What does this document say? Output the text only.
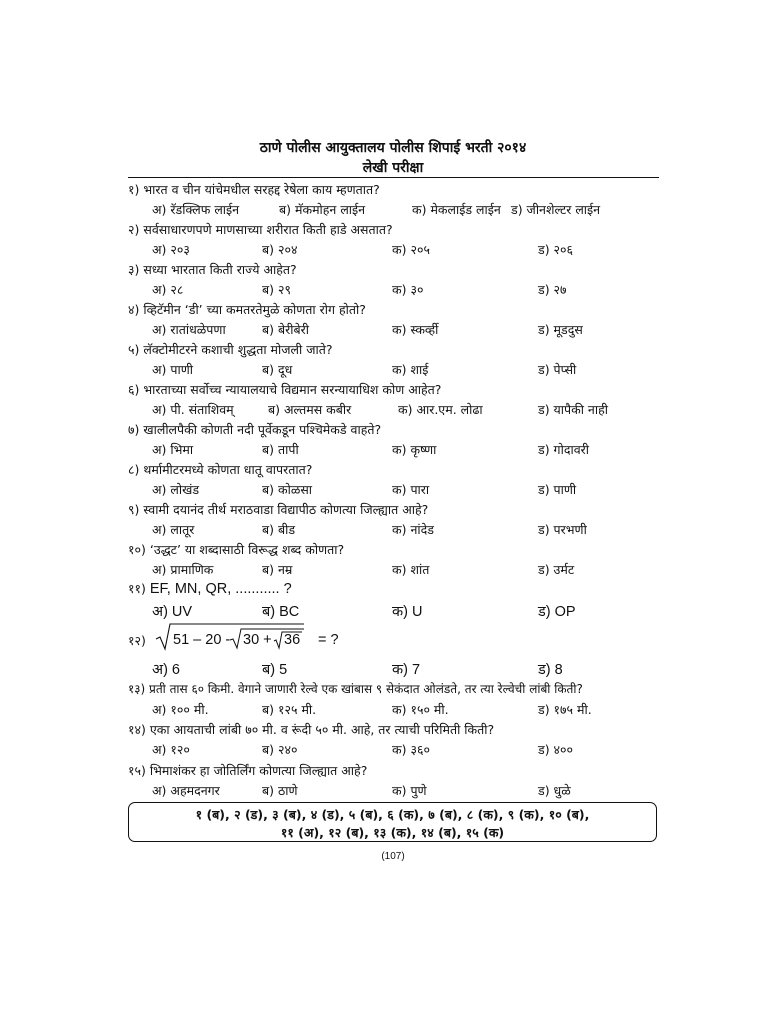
ठाणे पोलीस आयुक्तालय पोलीस शिपाई भरती २०१४
लेखी परीक्षा
१) भारत व चीन यांचेमधील सरहद्द रेषेला काय म्हणतात?
अ) रॅडक्लिफ लाईन	ब) मॅकमोहन लाईन	क) मेकलाईड लाईन ड) जीनशेल्टर लाईन
२) सर्वसाधारणपणे माणसाच्या शरीरात किती हाडे असतात?
अ) २०३	ब) २०४	क) २०५	ड) २०६
३) सध्या भारतात किती राज्ये आहेत?
अ) २८	ब) २९	क) ३०	ड) २७
४) व्हिटॅमीन ‘डी’ च्या कमतरतेमुळे कोणता रोग होतो?
अ) रातांधळेपणा	ब) बेरीबेरी	क) स्कर्व्ही	ड) मूडदुस
५) लॅक्टोमीटरने कशाची शुद्धता मोजली जाते?
अ) पाणी	ब) दूध	क) शाई	ड) पेप्सी
६) भारताच्या सर्वोच्च न्यायालयाचे विद्यमान सरन्यायाधिश कोण आहेत?
अ) पी. संताशिवम्	ब) अल्तमस कबीर	क) आर.एम. लोढा	ड) यापैकी नाही
७) खालीलपैकी कोणती नदी पूर्वेकडून पश्चिमेकडे वाहते?
अ) भिमा	ब) तापी	क) कृष्णा	ड) गोदावरी
८) थर्मामीटरमध्ये कोणता धातू वापरतात?
अ) लोखंड	ब) कोळसा	क) पारा	ड) पाणी
९) स्वामी दयानंद तीर्थ मराठवाडा विद्यापीठ कोणत्या जिल्ह्यात आहे?
अ) लातूर	ब) बीड	क) नांदेड	ड) परभणी
१०) ‘उद्धट’ या शब्दासाठी विरूद्ध शब्द कोणता?
अ) प्रामाणिक	ब) नम्र	क) शांत	ड) उर्मट
११) EF, MN, QR, ........... ?
अ) UV	ब) BC	क) U	ड) OP
१२) 51 – 20 - 30 + 36 = ?
अ) 6	ब) 5	क) 7	ड) 8
१३) प्रती तास ६० किमी. वेगाने जाणारी रेल्वे एक खांबास ९ सेकंदात ओलंडते, तर त्या रेल्वेची लांबी किती?
अ) १०० मी.	ब) १२५ मी.	क) १५० मी.	ड) १७५ मी.
१४) एका आयताची लांबी ७० मी. व रूंदी ५० मी. आहे, तर त्याची परिमिती किती?
अ) १२०	ब) २४०	क) ३६०	ड) ४००
१५) भिमाशंकर हा जोतिर्लिंग कोणत्या जिल्ह्यात आहे?
अ) अहमदनगर	ब) ठाणे	क) पुणे	ड) धुळे
१ (ब), २ (ड), ३ (ब), ४ (ड), ५ (ब), ६ (क), ७ (ब), ८ (क), ९ (क), १० (ब),
११ (अ), १२ (ब), १३ (क), १४ (ब), १५ (क)
(107)
